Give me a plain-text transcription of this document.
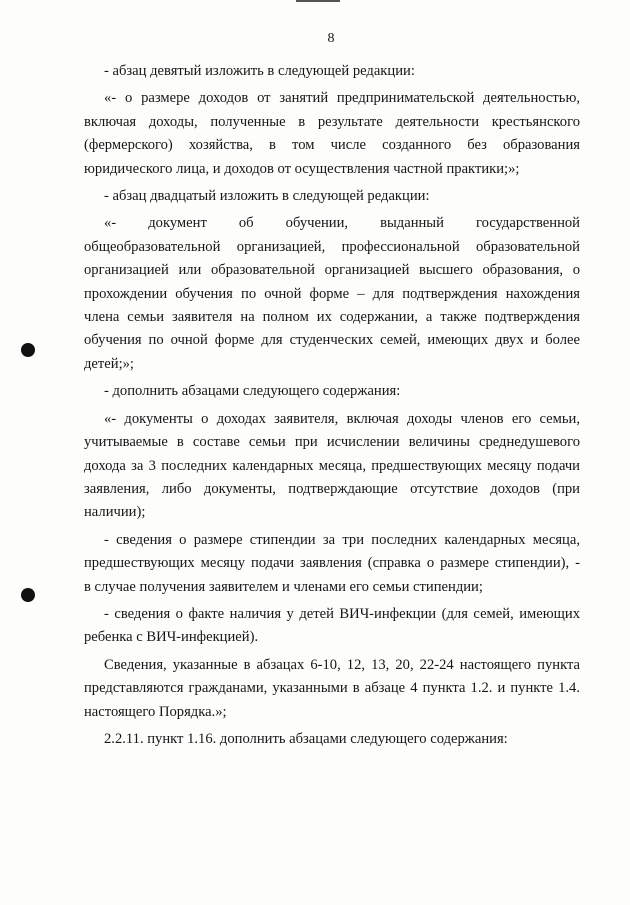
8
- абзац девятый изложить в следующей редакции:
«- о размере доходов от занятий предпринимательской деятельностью,
включая доходы, полученные в результате деятельности крестьянского
(фермерского) хозяйства, в том числе созданного без образования
юридического лица, и доходов от осуществления частной практики;»;
- абзац двадцатый изложить в следующей редакции:
«- документ об обучении, выданный государственной
общеобразовательной организацией, профессиональной образовательной
организацией или образовательной организацией высшего образования, о
прохождении обучения по очной форме – для подтверждения нахождения
члена семьи заявителя на полном их содержании, а также подтверждения
обучения по очной форме для студенческих семей, имеющих двух и более
детей;»;
- дополнить абзацами следующего содержания:
«- документы о доходах заявителя, включая доходы членов его семьи,
учитываемые в составе семьи при исчислении величины среднедушевого
дохода за 3 последних календарных месяца, предшествующих месяцу подачи
заявления, либо документы, подтверждающие отсутствие доходов (при
наличии);
- сведения о размере стипендии за три последних календарных месяца,
предшествующих месяцу подачи заявления (справка о размере стипендии), -
в случае получения заявителем и членами его семьи стипендии;
- сведения о факте наличия у детей ВИЧ-инфекции (для семей, имеющих
ребенка с ВИЧ-инфекцией).
Сведения, указанные в абзацах 6-10, 12, 13, 20, 22-24 настоящего пункта
представляются гражданами, указанными в абзаце 4 пункта 1.2. и пункте 1.4.
настоящего Порядка.»;
2.2.11. пункт 1.16. дополнить абзацами следующего содержания:
